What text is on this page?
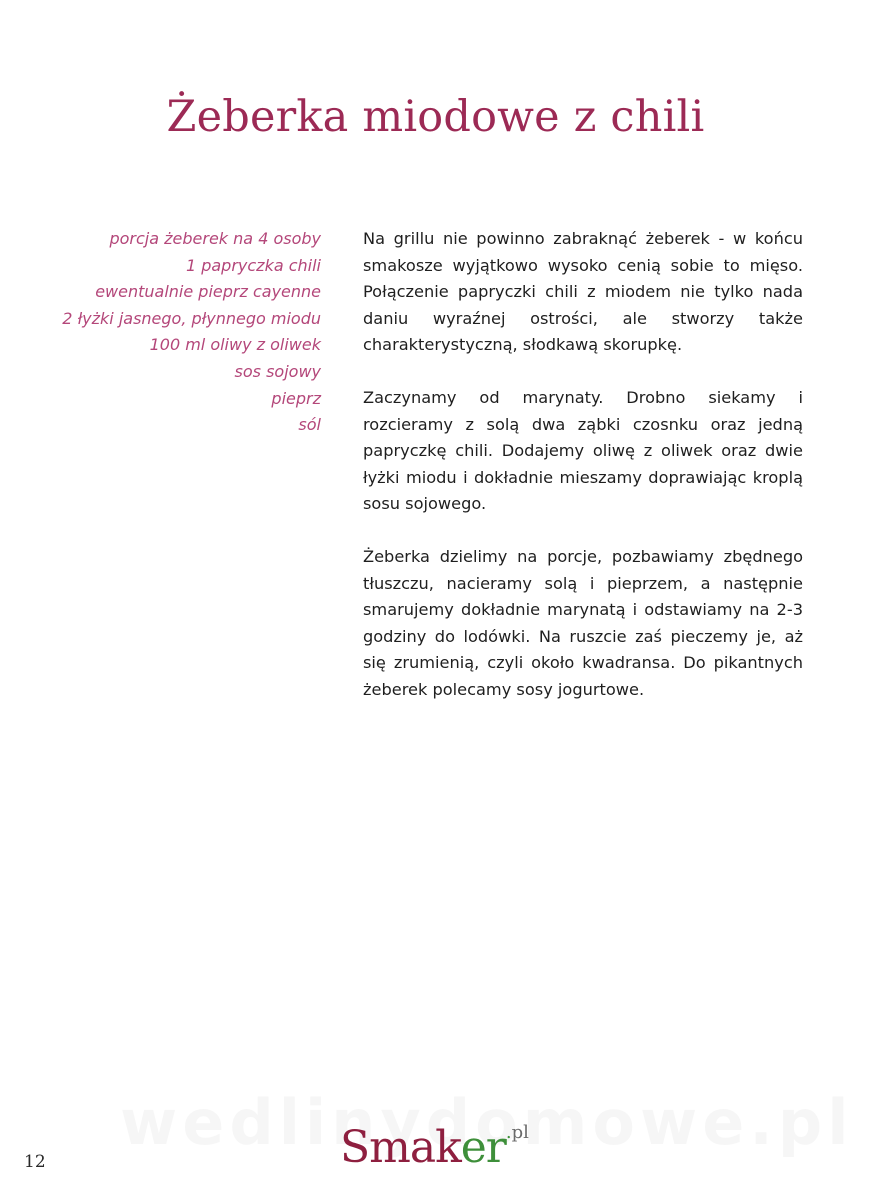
Żeberka miodowe z chili
porcja żeberek na 4 osoby
1 papryczka chili
ewentualnie pieprz cayenne
2 łyżki jasnego, płynnego miodu
100 ml oliwy z oliwek
sos sojowy
pieprz
sól

Na grillu nie powinno zabraknąć żeberek - w końcu smakosze wyjątkowo wysoko cenią sobie to mięso. Połączenie papryczki chili z miodem nie tylko nada daniu wyraźnej ostrości, ale stworzy także charakterystyczną, słodkawą skorupkę.

Zaczynamy od marynaty. Drobno siekamy i rozcieramy z solą dwa ząbki czosnku oraz jedną papryczkę chili. Dodajemy oliwę z oliwek oraz dwie łyżki miodu i dokładnie mieszamy doprawiając kroplą sosu sojowego.

Żeberka dzielimy na porcje, pozbawiamy zbędnego tłuszczu, nacieramy solą i pieprzem, a następnie smarujemy dokładnie marynatą i odstawiamy na 2-3 godziny do lodówki. Na ruszcie zaś pieczemy je, aż się zrumienią, czyli około kwadransa. Do pikantnych żeberek polecamy sosy jogurtowe.

12	Smaker.pl
